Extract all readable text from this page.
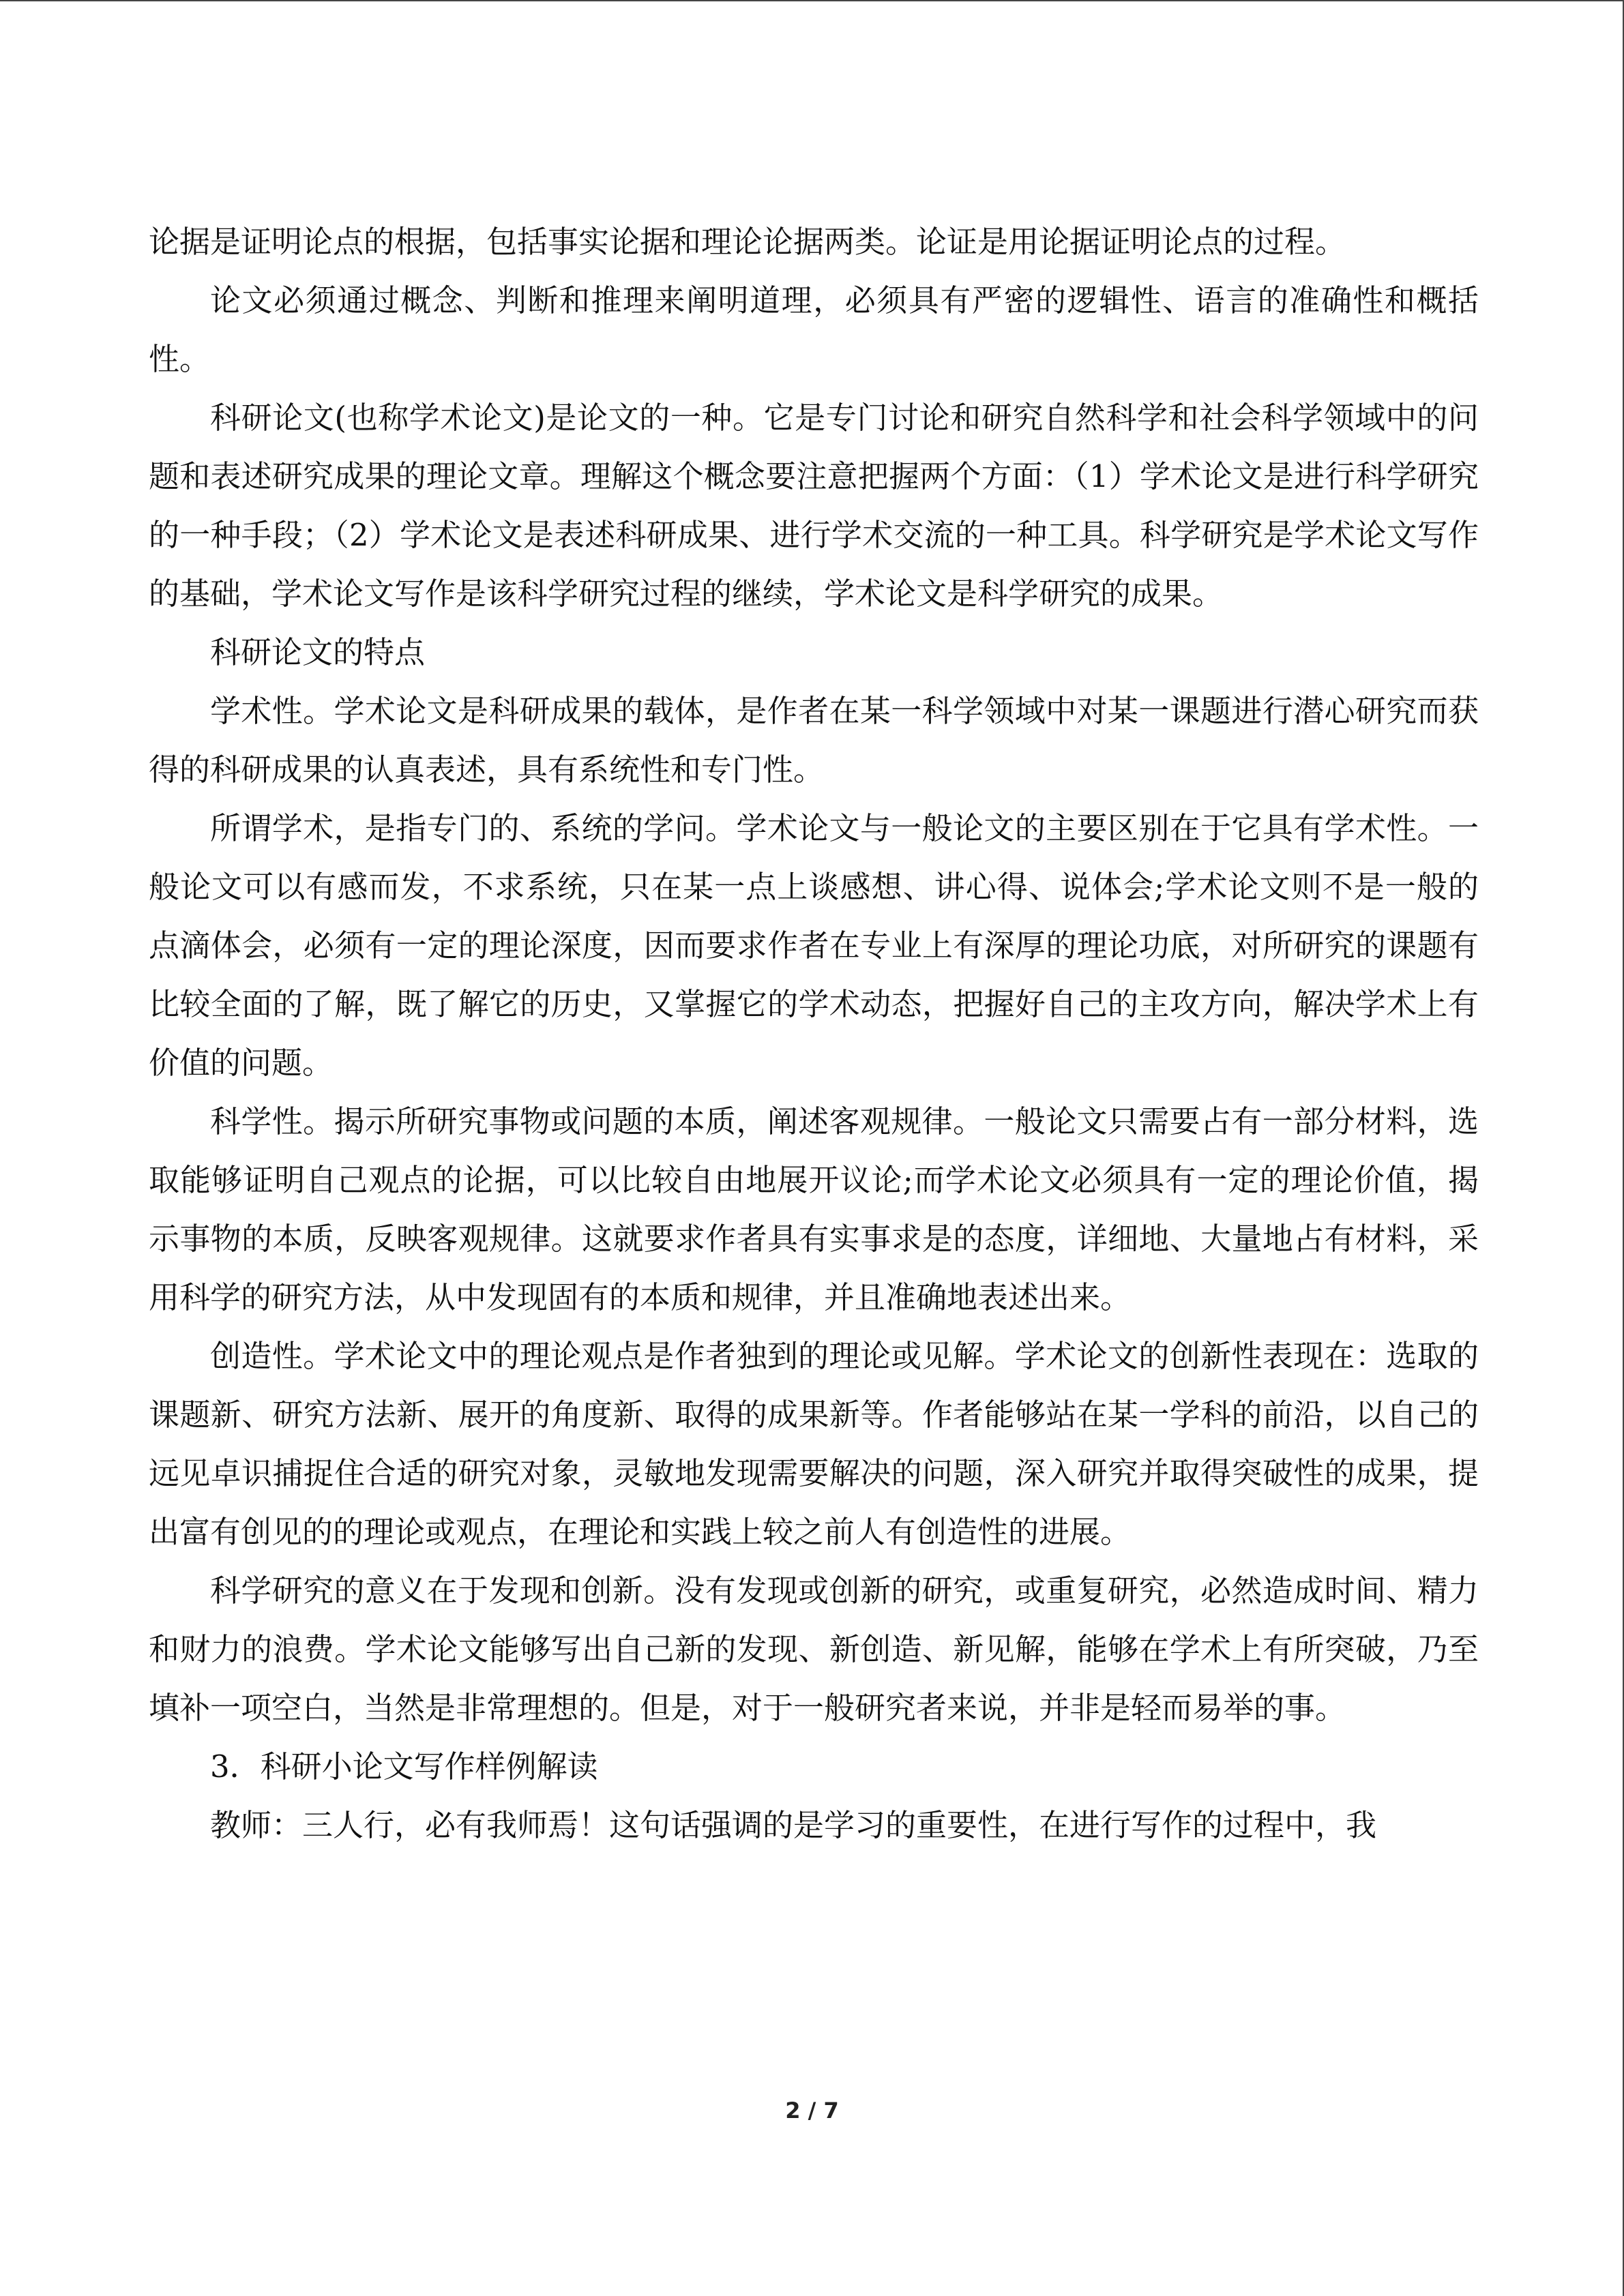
论据是证明论点的根据，包括事实论据和理论论据两类。论证是用论据证明论点的过程。

论文必须通过概念、判断和推理来阐明道理，必须具有严密的逻辑性、语言的准确性和概括性。

科研论文(也称学术论文)是论文的一种。它是专门讨论和研究自然科学和社会科学领域中的问题和表述研究成果的理论文章。理解这个概念要注意把握两个方面：（1）学术论文是进行科学研究的一种手段；（2）学术论文是表述科研成果、进行学术交流的一种工具。科学研究是学术论文写作的基础，学术论文写作是该科学研究过程的继续，学术论文是科学研究的成果。

科研论文的特点

学术性。学术论文是科研成果的载体，是作者在某一科学领域中对某一课题进行潜心研究而获得的科研成果的认真表述，具有系统性和专门性。

所谓学术，是指专门的、系统的学问。学术论文与一般论文的主要区别在于它具有学术性。一般论文可以有感而发，不求系统，只在某一点上谈感想、讲心得、说体会;学术论文则不是一般的点滴体会，必须有一定的理论深度，因而要求作者在专业上有深厚的理论功底，对所研究的课题有比较全面的了解，既了解它的历史，又掌握它的学术动态，把握好自己的主攻方向，解决学术上有价值的问题。

科学性。揭示所研究事物或问题的本质，阐述客观规律。一般论文只需要占有一部分材料，选取能够证明自己观点的论据，可以比较自由地展开议论;而学术论文必须具有一定的理论价值，揭示事物的本质，反映客观规律。这就要求作者具有实事求是的态度，详细地、大量地占有材料，采用科学的研究方法，从中发现固有的本质和规律，并且准确地表述出来。

创造性。学术论文中的理论观点是作者独到的理论或见解。学术论文的创新性表现在：选取的课题新、研究方法新、展开的角度新、取得的成果新等。作者能够站在某一学科的前沿，以自己的远见卓识捕捉住合适的研究对象，灵敏地发现需要解决的问题，深入研究并取得突破性的成果，提出富有创见的的理论或观点，在理论和实践上较之前人有创造性的进展。

科学研究的意义在于发现和创新。没有发现或创新的研究，或重复研究，必然造成时间、精力和财力的浪费。学术论文能够写出自己新的发现、新创造、新见解，能够在学术上有所突破，乃至填补一项空白，当然是非常理想的。但是，对于一般研究者来说，并非是轻而易举的事。

3．科研小论文写作样例解读

教师：三人行，必有我师焉！这句话强调的是学习的重要性，在进行写作的过程中，我

2 / 7
